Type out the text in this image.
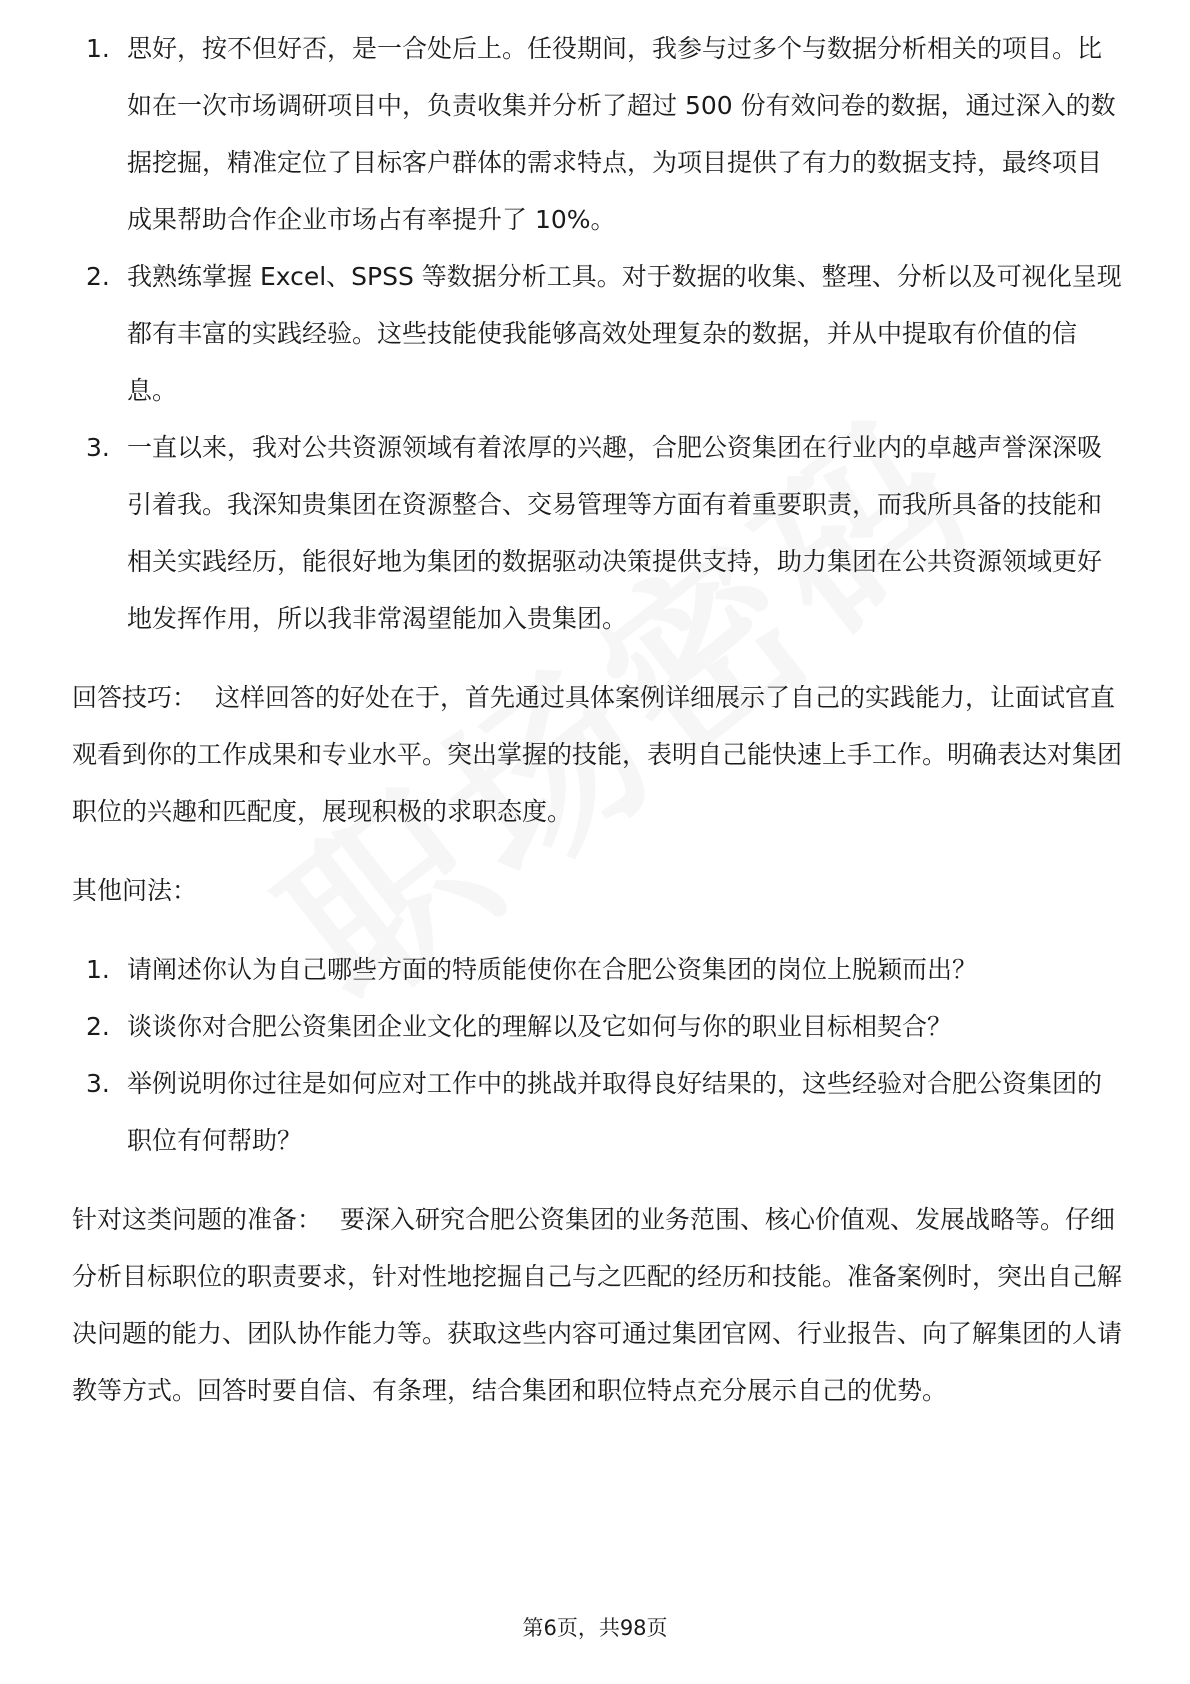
1. 思好，按不但好否，是一合处后上。任役期间，我参与过多个与数据分析相关的项目。比如在一次市场调研项目中，负责收集并分析了超过 500 份有效问卷的数据，通过深入的数据挖掘，精准定位了目标客户群体的需求特点，为项目提供了有力的数据支持，最终项目成果帮助合作企业市场占有率提升了 10%。
2. 我熟练掌握 Excel、SPSS 等数据分析工具。对于数据的收集、整理、分析以及可视化呈现都有丰富的实践经验。这些技能使我能够高效处理复杂的数据，并从中提取有价值的信息。
3. 一直以来，我对公共资源领域有着浓厚的兴趣，合肥公资集团在行业内的卓越声誉深深吸引着我。我深知贵集团在资源整合、交易管理等方面有着重要职责，而我所具备的技能和相关实践经历，能很好地为集团的数据驱动决策提供支持，助力集团在公共资源领域更好地发挥作用，所以我非常渴望能加入贵集团。

回答技巧： 这样回答的好处在于，首先通过具体案例详细展示了自己的实践能力，让面试官直观看到你的工作成果和专业水平。突出掌握的技能，表明自己能快速上手工作。明确表达对集团职位的兴趣和匹配度，展现积极的求职态度。

其他问法：

1. 请阐述你认为自己哪些方面的特质能使你在合肥公资集团的岗位上脱颖而出？
2. 谈谈你对合肥公资集团企业文化的理解以及它如何与你的职业目标相契合？
3. 举例说明你过往是如何应对工作中的挑战并取得良好结果的，这些经验对合肥公资集团的职位有何帮助？

针对这类问题的准备： 要深入研究合肥公资集团的业务范围、核心价值观、发展战略等。仔细分析目标职位的职责要求，针对性地挖掘自己与之匹配的经历和技能。准备案例时，突出自己解决问题的能力、团队协作能力等。获取这些内容可通过集团官网、行业报告、向了解集团的人请教等方式。回答时要自信、有条理，结合集团和职位特点充分展示自己的优势。

第6页，共98页
